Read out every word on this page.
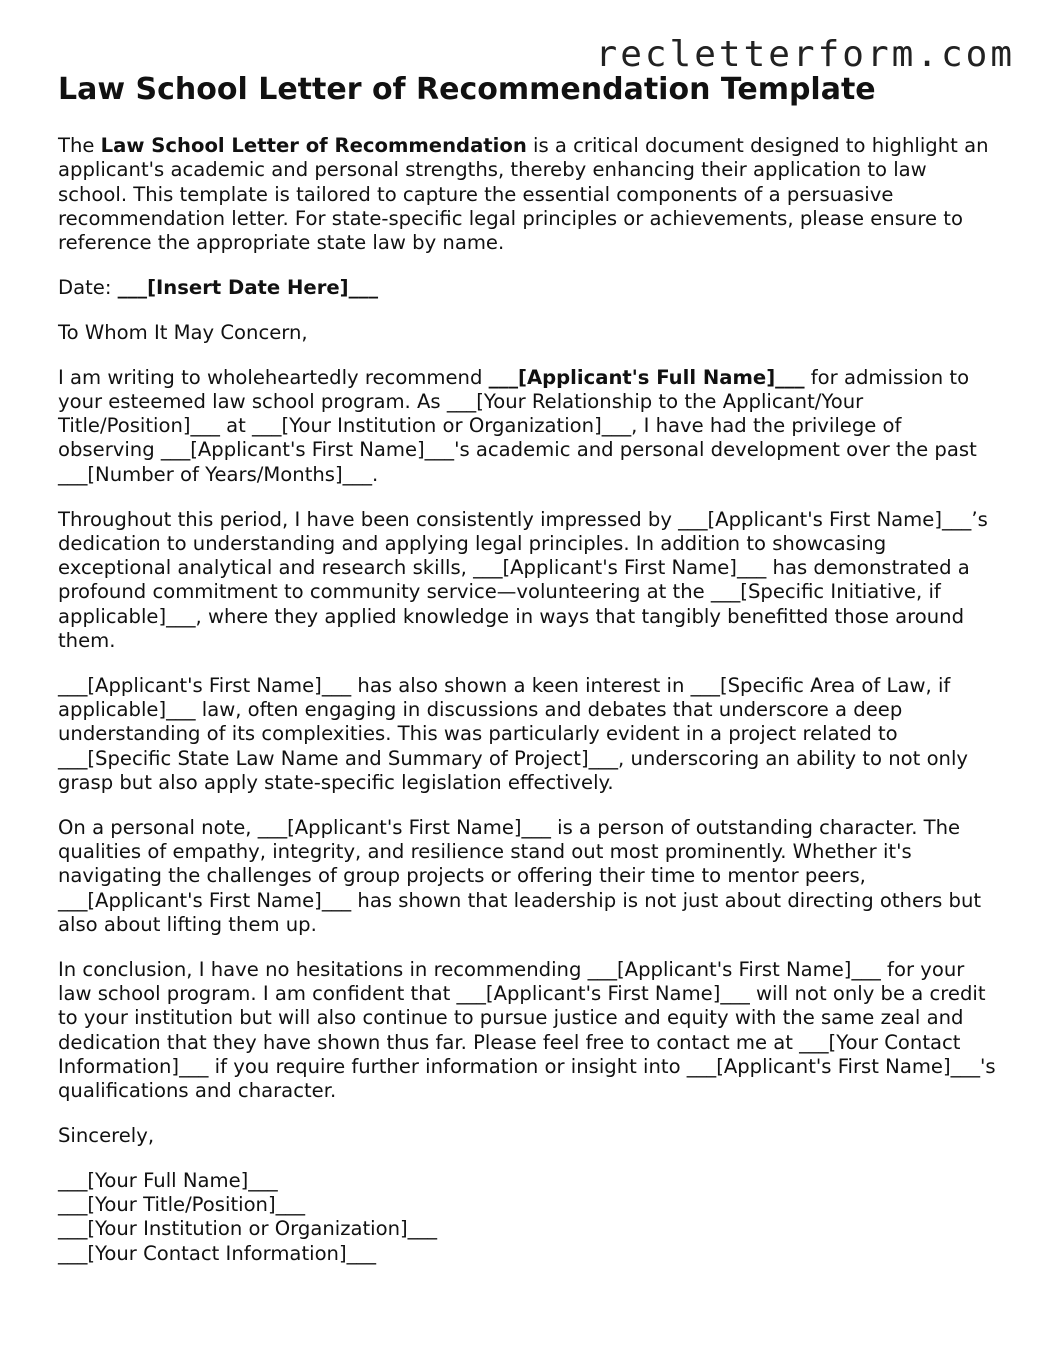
recletterform.com
Law School Letter of Recommendation Template

The Law School Letter of Recommendation is a critical document designed to highlight an applicant's academic and personal strengths, thereby enhancing their application to law school. This template is tailored to capture the essential components of a persuasive recommendation letter. For state-specific legal principles or achievements, please ensure to reference the appropriate state law by name.

Date: ___[Insert Date Here]___

To Whom It May Concern,

I am writing to wholeheartedly recommend ___[Applicant's Full Name]___ for admission to your esteemed law school program. As ___[Your Relationship to the Applicant/Your Title/Position]___ at ___[Your Institution or Organization]___, I have had the privilege of observing ___[Applicant's First Name]___'s academic and personal development over the past ___[Number of Years/Months]___.

Throughout this period, I have been consistently impressed by ___[Applicant's First Name]___’s dedication to understanding and applying legal principles. In addition to showcasing exceptional analytical and research skills, ___[Applicant's First Name]___ has demonstrated a profound commitment to community service—volunteering at the ___[Specific Initiative, if applicable]___, where they applied knowledge in ways that tangibly benefitted those around them.

___[Applicant's First Name]___ has also shown a keen interest in ___[Specific Area of Law, if applicable]___ law, often engaging in discussions and debates that underscore a deep understanding of its complexities. This was particularly evident in a project related to ___[Specific State Law Name and Summary of Project]___, underscoring an ability to not only grasp but also apply state-specific legislation effectively.

On a personal note, ___[Applicant's First Name]___ is a person of outstanding character. The qualities of empathy, integrity, and resilience stand out most prominently. Whether it's navigating the challenges of group projects or offering their time to mentor peers, ___[Applicant's First Name]___ has shown that leadership is not just about directing others but also about lifting them up.

In conclusion, I have no hesitations in recommending ___[Applicant's First Name]___ for your law school program. I am confident that ___[Applicant's First Name]___ will not only be a credit to your institution but will also continue to pursue justice and equity with the same zeal and dedication that they have shown thus far. Please feel free to contact me at ___[Your Contact Information]___ if you require further information or insight into ___[Applicant's First Name]___'s qualifications and character.

Sincerely,

___[Your Full Name]___

___[Your Title/Position]___

___[Your Institution or Organization]___

___[Your Contact Information]___
